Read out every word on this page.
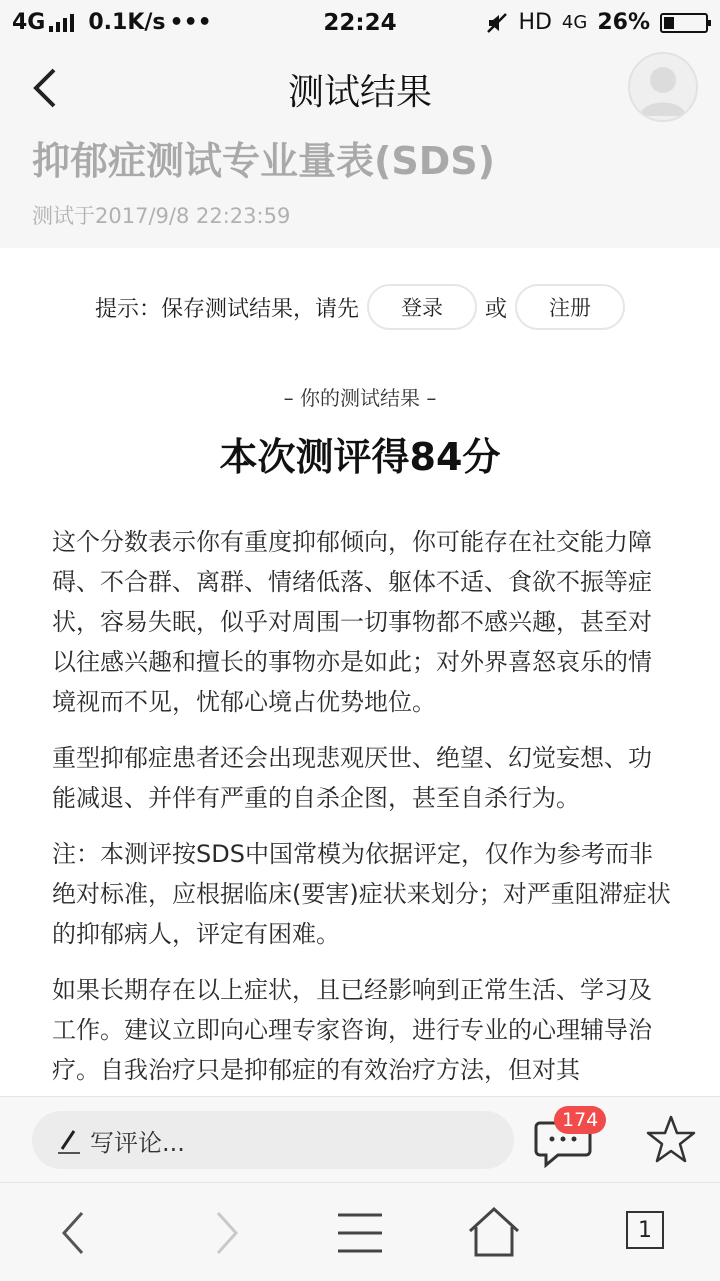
4G 0.1K/s •••	22:24	HD 4G 26%
测试结果
抑郁症测试专业量表(SDS)
测试于2017/9/8 22:23:59
提示：保存测试结果，请先	登录	或	注册
– 你的测试结果 –
本次测评得84分

这个分数表示你有重度抑郁倾向，你可能存在社交能力障碍、不合群、离群、情绪低落、躯体不适、食欲不振等症状，容易失眠，似乎对周围一切事物都不感兴趣，甚至对以往感兴趣和擅长的事物亦是如此；对外界喜怒哀乐的情境视而不见，忧郁心境占优势地位。

重型抑郁症患者还会出现悲观厌世、绝望、幻觉妄想、功能减退、并伴有严重的自杀企图，甚至自杀行为。

注：本测评按SDS中国常模为依据评定，仅作为参考而非绝对标准，应根据临床(要害)症状来划分；对严重阻滞症状的抑郁病人，评定有困难。

如果长期存在以上症状，且已经影响到正常生活、学习及工作。建议立即向心理专家咨询，进行专业的心理辅导治疗。自我治疗只是抑郁症的有效治疗方法，但对其

写评论...
174
1
